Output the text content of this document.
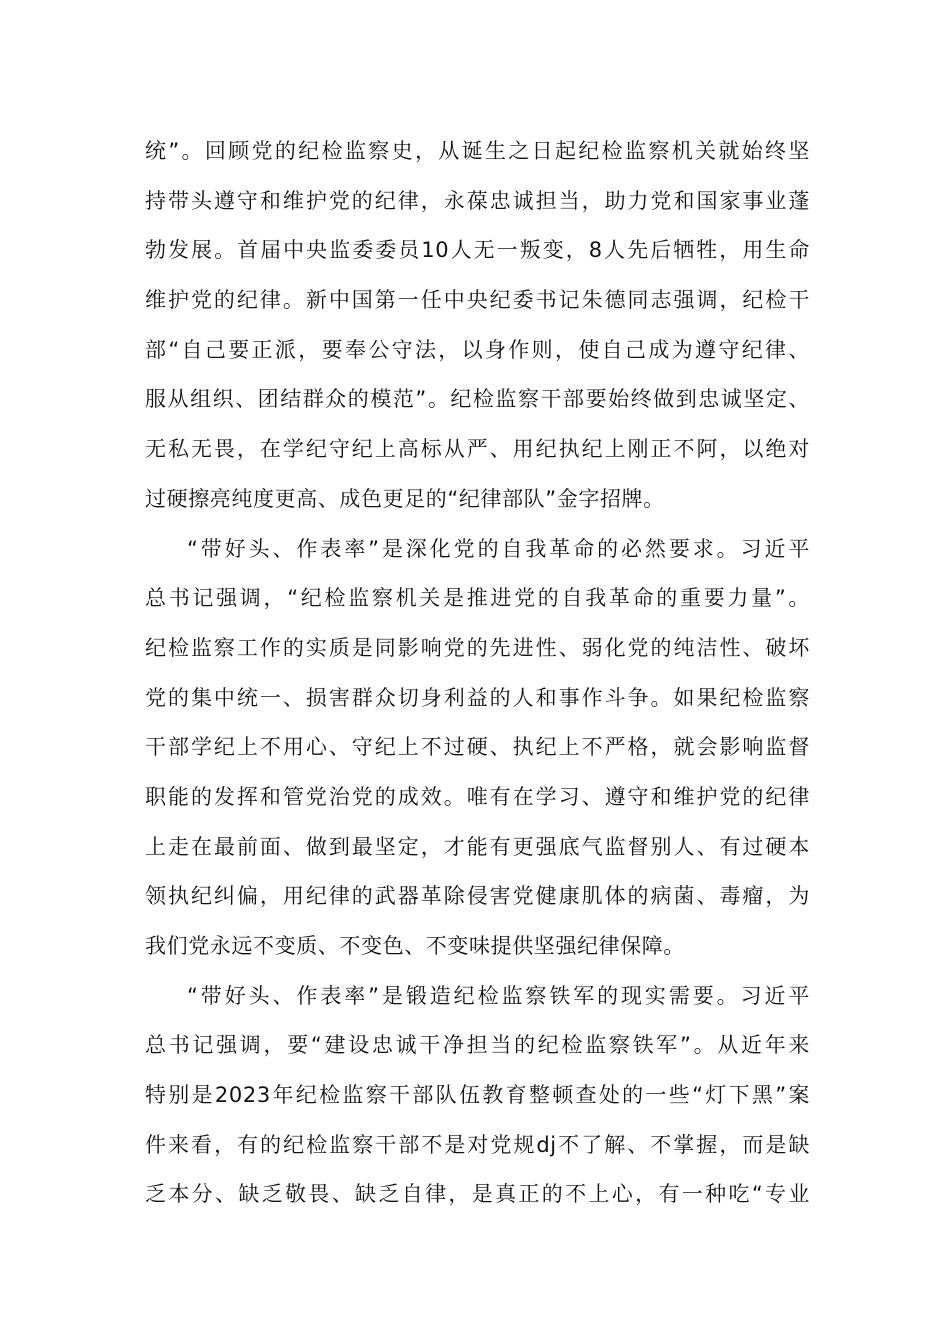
统”。回顾党的纪检监察史，从诞生之日起纪检监察机关就始终坚
持带头遵守和维护党的纪律，永葆忠诚担当，助力党和国家事业蓬
勃发展。首届中央监委委员10人无一叛变，8人先后牺牲，用生命
维护党的纪律。新中国第一任中央纪委书记朱德同志强调，纪检干
部“自己要正派，要奉公守法，以身作则，使自己成为遵守纪律、
服从组织、团结群众的模范”。纪检监察干部要始终做到忠诚坚定、
无私无畏，在学纪守纪上高标从严、用纪执纪上刚正不阿，以绝对
过硬擦亮纯度更高、成色更足的“纪律部队”金字招牌。
“带好头、作表率”是深化党的自我革命的必然要求。习近平
总书记强调，“纪检监察机关是推进党的自我革命的重要力量”。
纪检监察工作的实质是同影响党的先进性、弱化党的纯洁性、破坏
党的集中统一、损害群众切身利益的人和事作斗争。如果纪检监察
干部学纪上不用心、守纪上不过硬、执纪上不严格，就会影响监督
职能的发挥和管党治党的成效。唯有在学习、遵守和维护党的纪律
上走在最前面、做到最坚定，才能有更强底气监督别人、有过硬本
领执纪纠偏，用纪律的武器革除侵害党健康肌体的病菌、毒瘤，为
我们党永远不变质、不变色、不变味提供坚强纪律保障。
“带好头、作表率”是锻造纪检监察铁军的现实需要。习近平
总书记强调，要“建设忠诚干净担当的纪检监察铁军”。从近年来
特别是2023年纪检监察干部队伍教育整顿查处的一些“灯下黑”案
件来看，有的纪检监察干部不是对党规dj不了解、不掌握，而是缺
乏本分、缺乏敬畏、缺乏自律，是真正的不上心，有一种吃“专业
